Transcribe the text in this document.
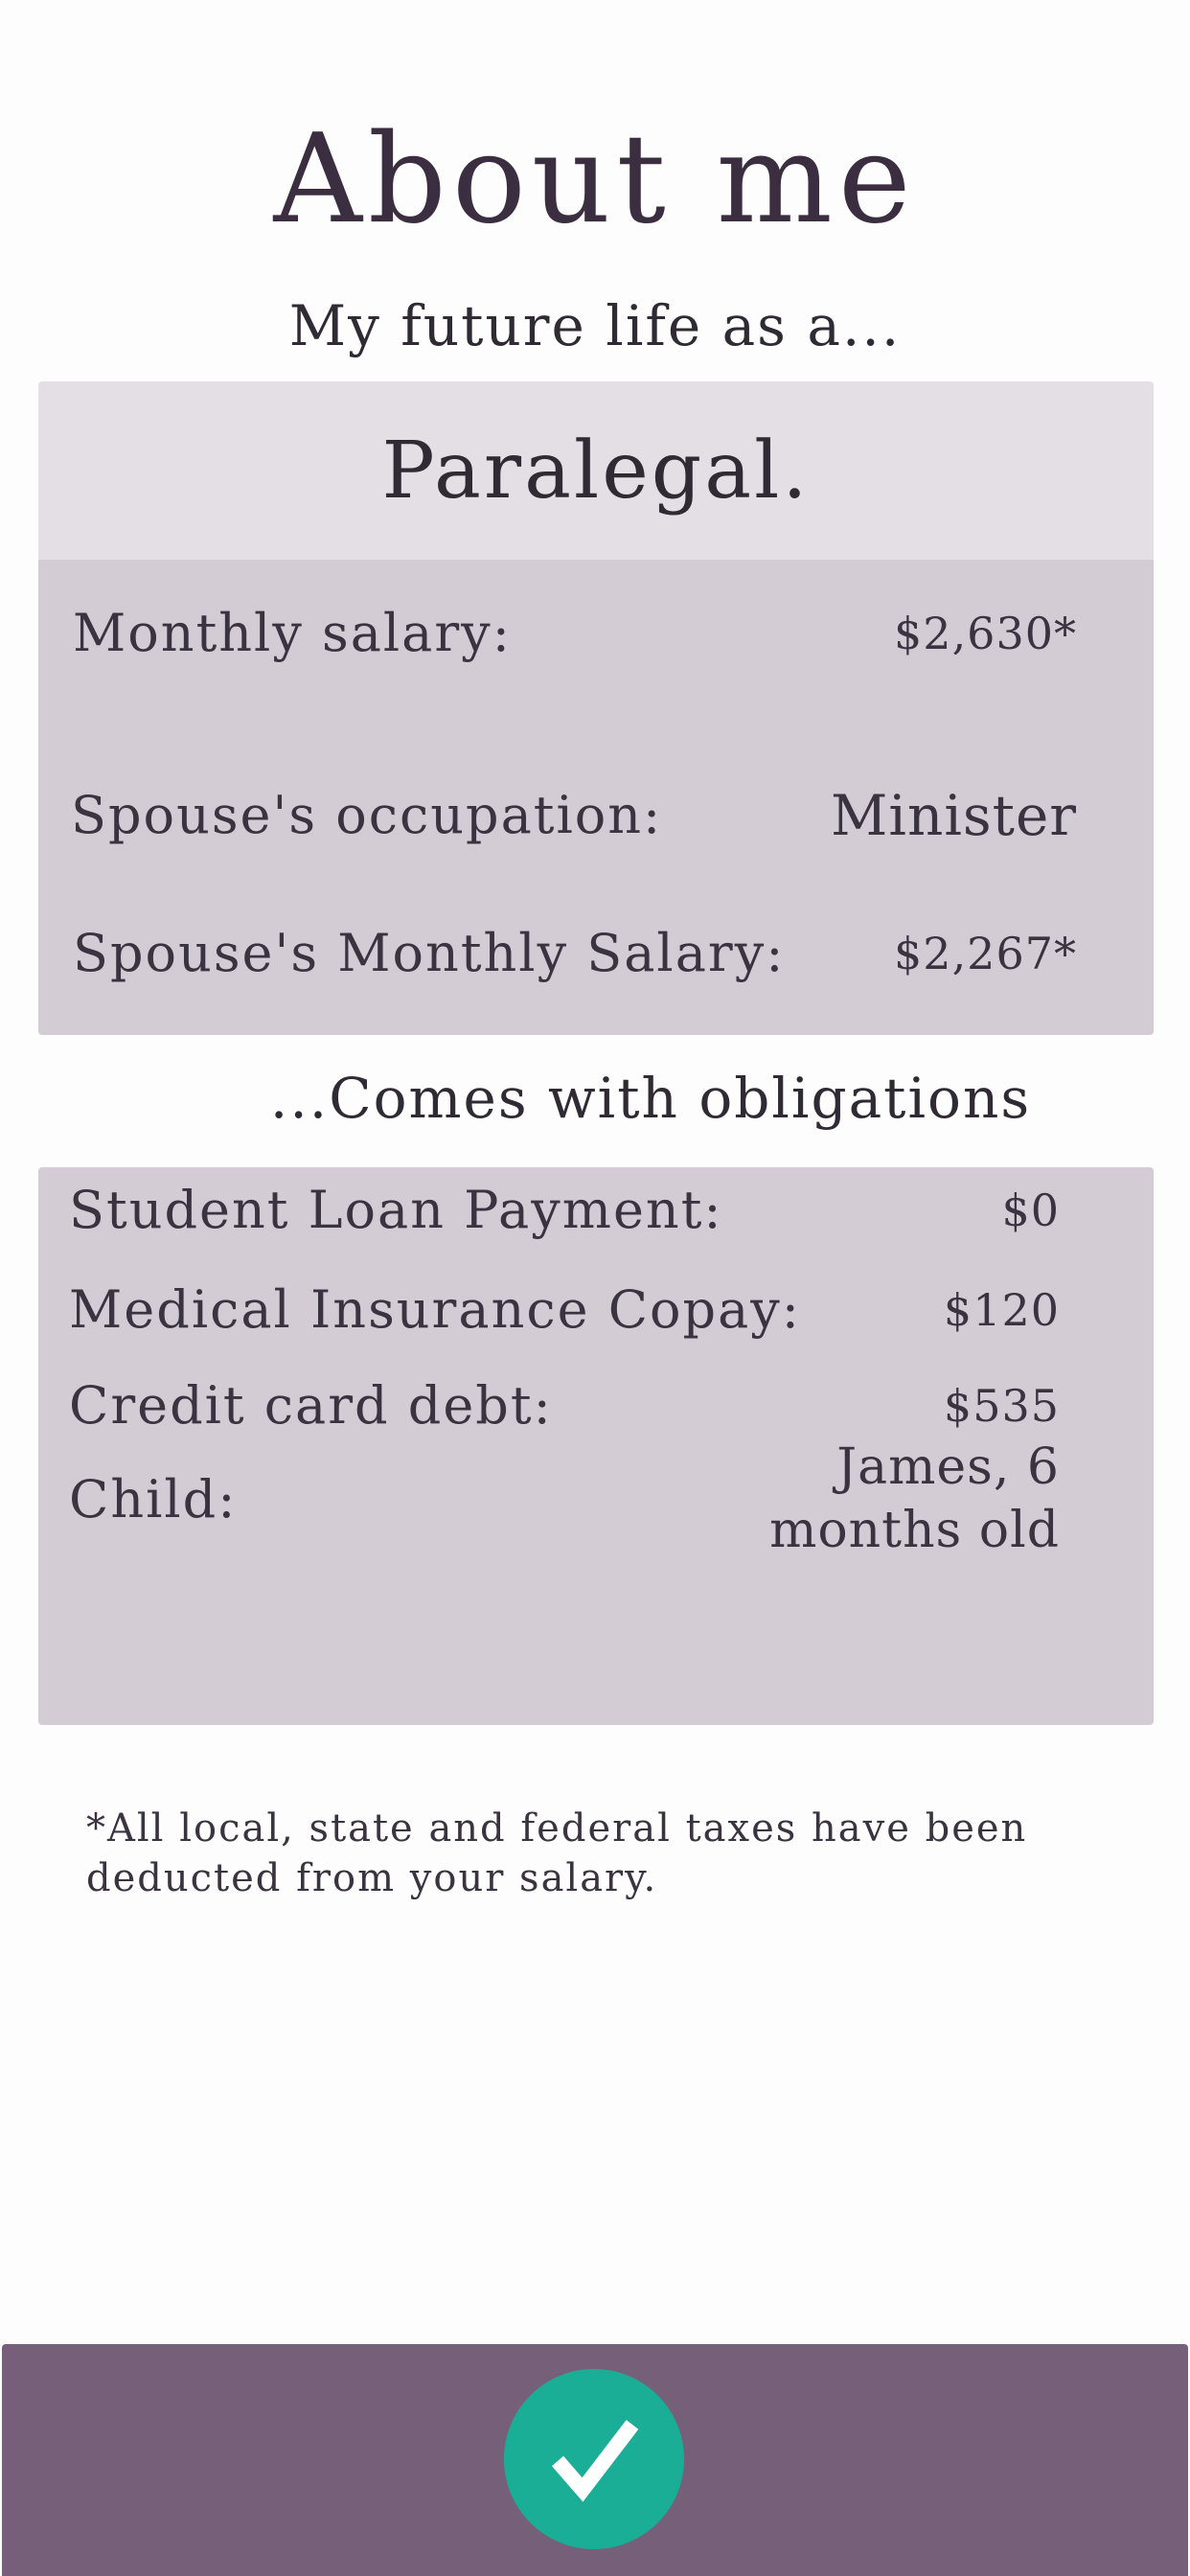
About me
My future life as a...
Paralegal.
Monthly salary:	$2,630*
Spouse's occupation:	Minister
Spouse's Monthly Salary: $2,267*
...Comes with obligations
Student Loan Payment:	$0
Medical Insurance Copay:	$120
Credit card debt:	$535
Child:
James, 6 months old
*All local, state and federal taxes have been deducted from your salary.
